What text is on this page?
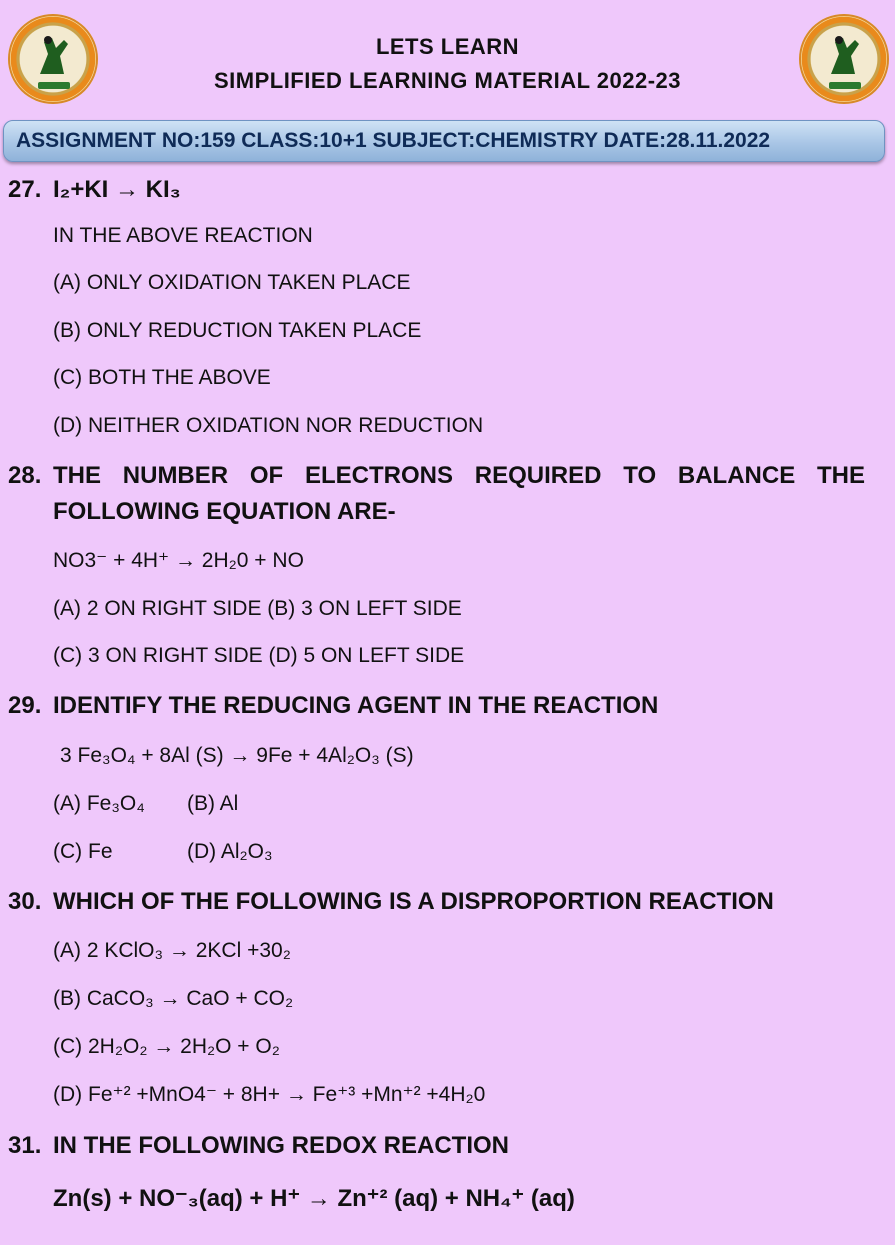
LETS LEARN
SIMPLIFIED LEARNING MATERIAL 2022-23
ASSIGNMENT NO:159 CLASS:10+1 SUBJECT:CHEMISTRY DATE:28.11.2022
27. I₂+KI → KI₃
IN THE ABOVE REACTION
(A) ONLY OXIDATION TAKEN PLACE
(B) ONLY REDUCTION TAKEN PLACE
(C) BOTH THE ABOVE
(D) NEITHER OXIDATION NOR REDUCTION
28. THE NUMBER OF ELECTRONS REQUIRED TO BALANCE THE
FOLLOWING EQUATION ARE-
NO3⁻ + 4H⁺ → 2H₂0 + NO
(A) 2 ON RIGHT SIDE (B) 3 ON LEFT SIDE
(C) 3 ON RIGHT SIDE (D) 5 ON LEFT SIDE
29. IDENTIFY THE REDUCING AGENT IN THE REACTION
3 Fe₃O₄ + 8Al (S) → 9Fe + 4Al₂O₃ (S)
(A) Fe₃O₄ (B) Al
(C) Fe	(D) Al₂O₃
30. WHICH OF THE FOLLOWING IS A DISPROPORTION REACTION
(A) 2 KClO₃ → 2KCl +30₂
(B) CaCO₃ → CaO + CO₂
(C) 2H₂O₂ → 2H₂O + O₂
(D) Fe⁺² +MnO4⁻ + 8H+ → Fe⁺³ +Mn⁺² +4H₂0
31. IN THE FOLLOWING REDOX REACTION
Zn(s) + NO⁻₃(aq) + H⁺ → Zn⁺² (aq) + NH₄⁺ (aq)
